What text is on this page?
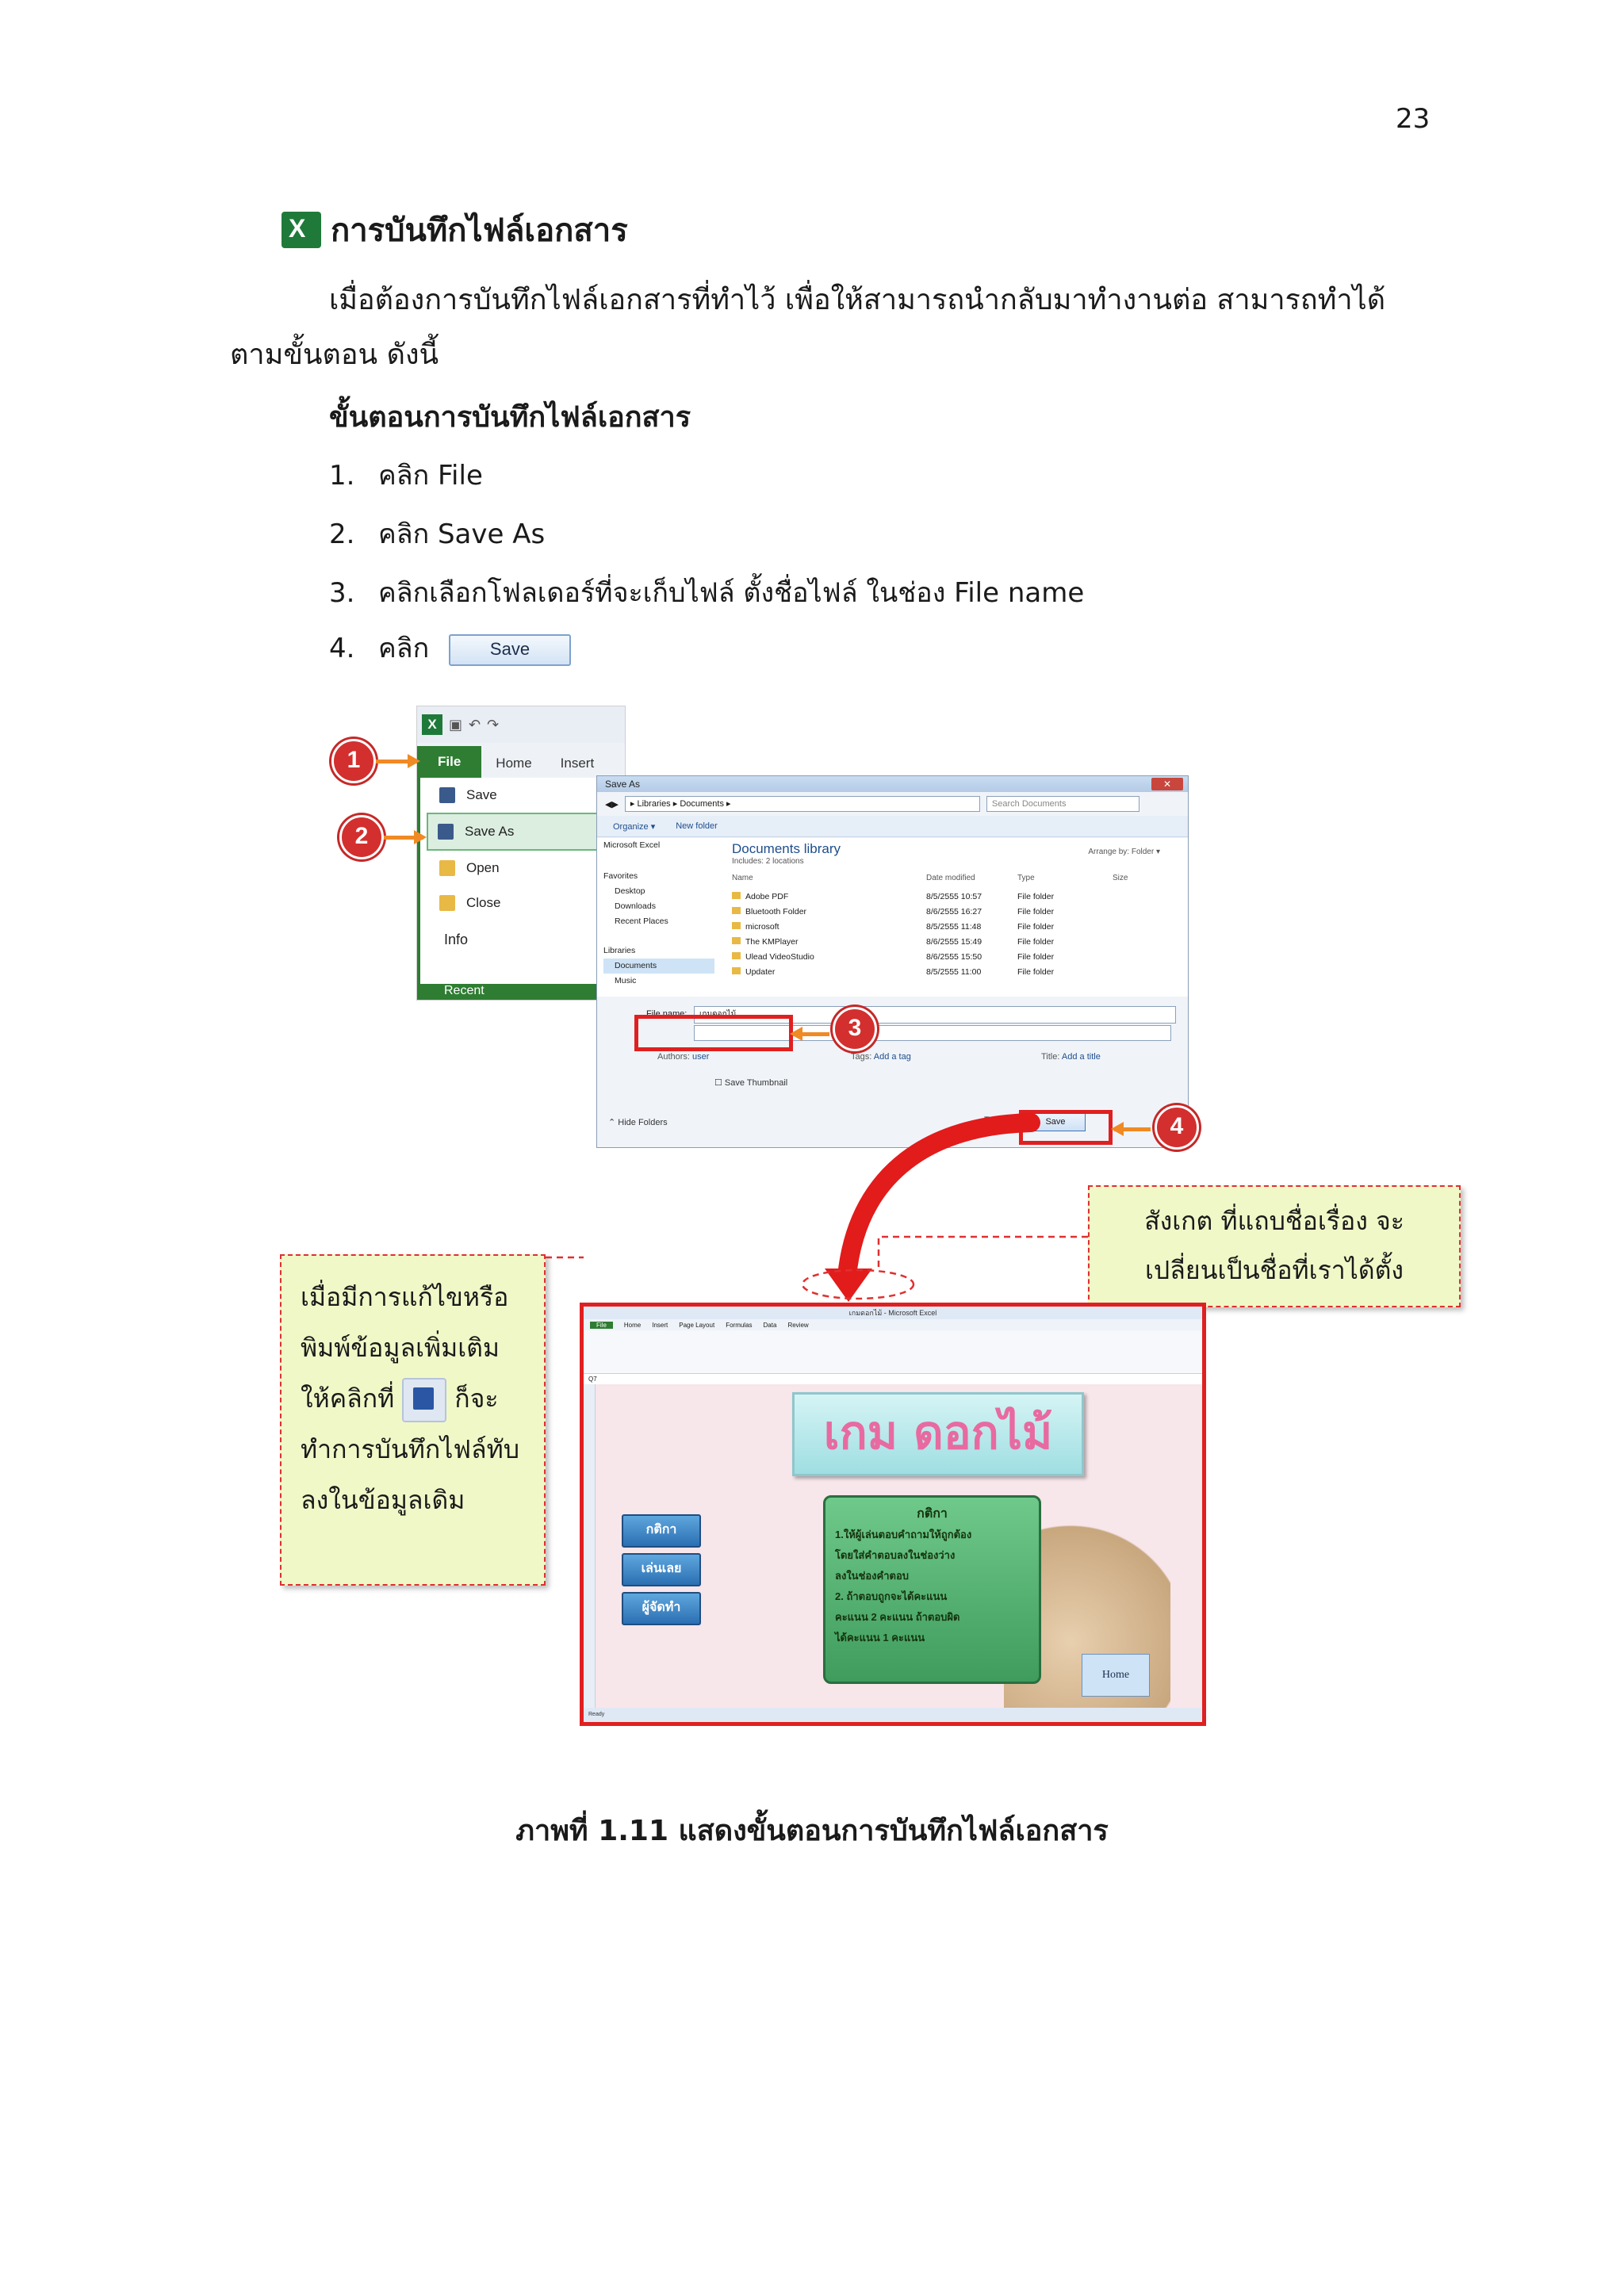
23
X
การบันทึกไฟล์เอกสาร
เมื่อต้องการบันทึกไฟล์เอกสารที่ทำไว้ เพื่อให้สามารถนำกลับมาทำงานต่อ สามารถทำได้
ตามขั้นตอน ดังนี้
ขั้นตอนการบันทึกไฟล์เอกสาร
1. คลิก File
2. คลิก Save As
3. คลิกเลือกโฟลเดอร์ที่จะเก็บไฟล์ ตั้งชื่อไฟล์ ในช่อง File name
4. คลิก	Save
X ▣ ↶ ↷
File	Home	Insert
Save
Save As
Open
Close
Info
Recent
1
2
Save As	✕
◀▶	▸ Libraries ▸ Documents ▸	Search Documents
Organize ▾ New folder
Microsoft Excel
Favorites
Desktop
Downloads
Recent Places
Libraries
Documents
Music
Documents library
Includes: 2 locations
Arrange by: Folder ▾
Name	Date modified	Type	Size
Adobe PDF	8/5/2555 10:57	File folder
Bluetooth Folder	8/6/2555 16:27	File folder
microsoft	8/5/2555 11:48	File folder
The KMPlayer	8/6/2555 15:49	File folder
Ulead VideoStudio	8/6/2555 15:50	File folder
Updater	8/5/2555 11:00	File folder
File name:	เกมดอกไม้
Authors: user	Tags: Add a tag	Title: Add a title
☐ Save Thumbnail
⌃ Hide Folders	Tools	Save
3
4
สังเกต ที่แถบชื่อเรื่อง จะ
เปลี่ยนเป็นชื่อที่เราได้ตั้ง
เมื่อมีการแก้ไขหรือ
พิมพ์ข้อมูลเพิ่มเติม
ให้คลิกที่ ก็จะ
ทำการบันทึกไฟล์ทับ
ลงในข้อมูลเดิม
เกมดอกไม้ - Microsoft Excel
File	Home Insert Page Layout Formulas Data Review
Q7
เกม ดอกไม้
กติกา
1.ให้ผู้เล่นตอบคำถามให้ถูกต้อง
โดยใส่คำตอบลงในช่องว่าง
ลงในช่องคำตอบ
2. ถ้าตอบถูกจะได้คะแนน
คะแนน 2 คะแนน ถ้าตอบผิด
ได้คะแนน 1 คะแนน
กติกา
เล่นเลย
ผู้จัดทำ
Home
Ready
ภาพที่ 1.11 แสดงขั้นตอนการบันทึกไฟล์เอกสาร
